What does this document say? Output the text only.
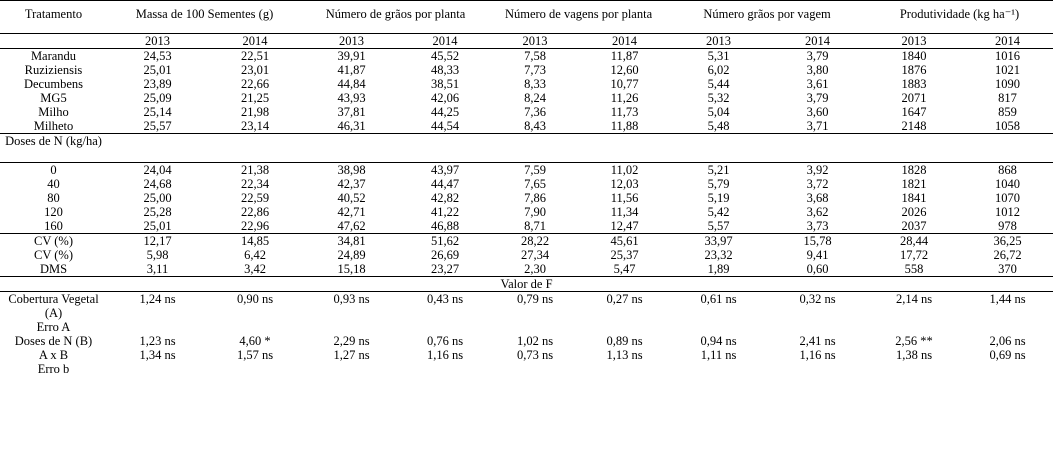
Tratamento	Massa de 100 Sementes (g)		Número de grãos por planta		Número de vagens por planta		Número grãos por vagem		Produtividade (kg ha⁻¹)	
	2013	2014	2013	2014	2013	2014	2013	2014	2013	2014
Marandu	24,53	22,51	39,91	45,52	7,58	11,87	5,31	3,79	1840	1016
Ruziziensis	25,01	23,01	41,87	48,33	7,73	12,60	6,02	3,80	1876	1021
Decumbens	23,89	22,66	44,84	38,51	8,33	10,77	5,44	3,61	1883	1090
MG5	25,09	21,25	43,93	42,06	8,24	11,26	5,32	3,79	2071	817
Milho	25,14	21,98	37,81	44,25	7,36	11,73	5,04	3,60	1647	859
Milheto	25,57	23,14	46,31	44,54	8,43	11,88	5,48	3,71	2148	1058
Doses de N (kg/ha)										
0	24,04	21,38	38,98	43,97	7,59	11,02	5,21	3,92	1828	868
40	24,68	22,34	42,37	44,47	7,65	12,03	5,79	3,72	1821	1040
80	25,00	22,59	40,52	42,82	7,86	11,56	5,19	3,68	1841	1070
120	25,28	22,86	42,71	41,22	7,90	11,34	5,42	3,62	2026	1012
160	25,01	22,96	47,62	46,88	8,71	12,47	5,57	3,73	2037	978
CV (%)	12,17	14,85	34,81	51,62	28,22	45,61	33,97	15,78	28,44	36,25
CV (%)	5,98	6,42	24,89	26,69	27,34	25,37	23,32	9,41	17,72	26,72
DMS	3,11	3,42	15,18	23,27	2,30	5,47	1,89	0,60	558	370
Valor de F										
Cobertura Vegetal (A)	1,24 ns	0,90 ns	0,93 ns	0,43 ns	0,79 ns	0,27 ns	0,61 ns	0,32 ns	2,14 ns	1,44 ns
Erro A										
Doses de N (B)	1,23 ns	4,60 *	2,29 ns	0,76 ns	1,02 ns	0,89 ns	0,94 ns	2,41 ns	2,56 **	2,06 ns
A x B	1,34 ns	1,57 ns	1,27 ns	1,16 ns	0,73 ns	1,13 ns	1,11 ns	1,16 ns	1,38 ns	0,69 ns
Erro b										
